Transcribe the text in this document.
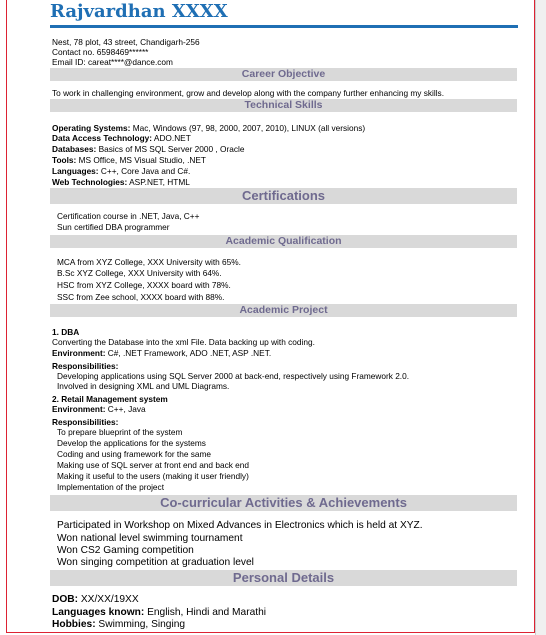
Rajvardhan XXXX
Nest, 78 plot, 43 street, Chandigarh-256
Contact no. 6598469******
Email ID: careat****@dance.com
Career Objective
To work in challenging environment, grow and develop along with the company further enhancing my skills.
Technical Skills
Operating Systems: Mac, Windows (97, 98, 2000, 2007, 2010), LINUX (all versions)
Data Access Technology: ADO.NET
Databases: Basics of MS SQL Server 2000 , Oracle
Tools: MS Office, MS Visual Studio, .NET
Languages: C++, Core Java and C#.
Web Technologies: ASP.NET, HTML
Certifications
Certification course in .NET, Java, C++
Sun certified DBA programmer
Academic Qualification
MCA from XYZ College, XXX University with 65%.
B.Sc XYZ College, XXX University with 64%.
HSC from XYZ College, XXXX board with 78%.
SSC from Zee school, XXXX board with 88%.
Academic Project
1. DBA
Converting the Database into the xml File. Data backing up with coding.
Environment: C#, .NET Framework, ADO .NET, ASP .NET.
Responsibilities:
Developing applications using SQL Server 2000 at back-end, respectively using Framework 2.0.
Involved in designing XML and UML Diagrams.
2. Retail Management system
Environment: C++, Java
Responsibilities:
To prepare blueprint of the system
Develop the applications for the systems
Coding and using framework for the same
Making use of SQL server at front end and back end
Making it useful to the users (making it user friendly)
Implementation of the project
Co-curricular Activities & Achievements
Participated in Workshop on Mixed Advances in Electronics which is held at XYZ.
Won national level swimming tournament
Won CS2 Gaming competition
Won singing competition at graduation level
Personal Details
DOB: XX/XX/19XX
Languages known: English, Hindi and Marathi
Hobbies: Swimming, Singing
